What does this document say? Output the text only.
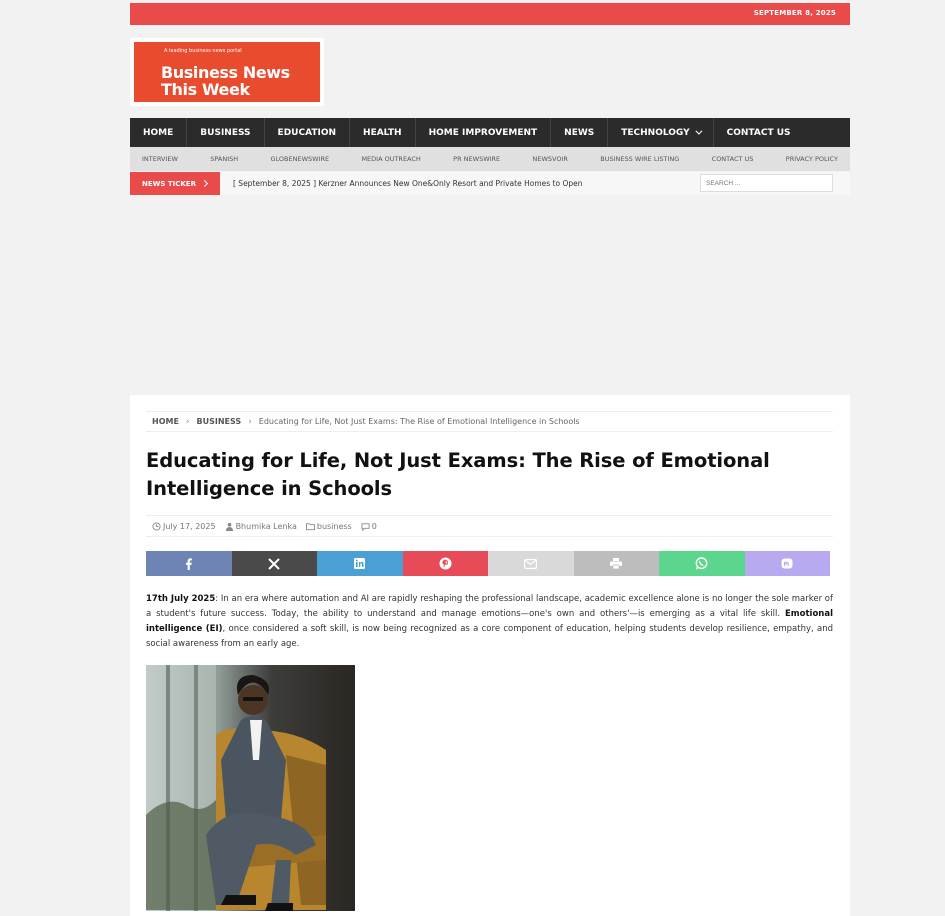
SEPTEMBER 8, 2025
A leading business news portal
Business News
This Week
HOME	BUSINESS	EDUCATION	HEALTH	HOME IMPROVEMENT	NEWS	TECHNOLOGY	CONTACT US
INTERVIEW	SPANISH	GLOBENEWSWIRE	MEDIA OUTREACH	PR NEWSWIRE	NEWSVOIR	BUSINESS WIRE LISTING	CONTACT US	PRIVACY POLICY
NEWS TICKER	[ September 8, 2025 ] Kerzner Announces New One&Only Resort and Private Homes to Open
SEARCH ...
HOME › BUSINESS › Educating for Life, Not Just Exams: The Rise of Emotional Intelligence in Schools
Educating for Life, Not Just Exams: The Rise of Emotional Intelligence in Schools
July 17, 2025	Bhumika Lenka	business	0

17th July 2025: In an era where automation and AI are rapidly reshaping the professional landscape, academic excellence alone is no longer the sole marker of a student's future success. Today, the ability to understand and manage emotions—one's own and others'—is emerging as a vital life skill. Emotional intelligence (EI), once considered a soft skill, is now being recognized as a core component of education, helping students develop resilience, empathy, and social awareness from an early age.
